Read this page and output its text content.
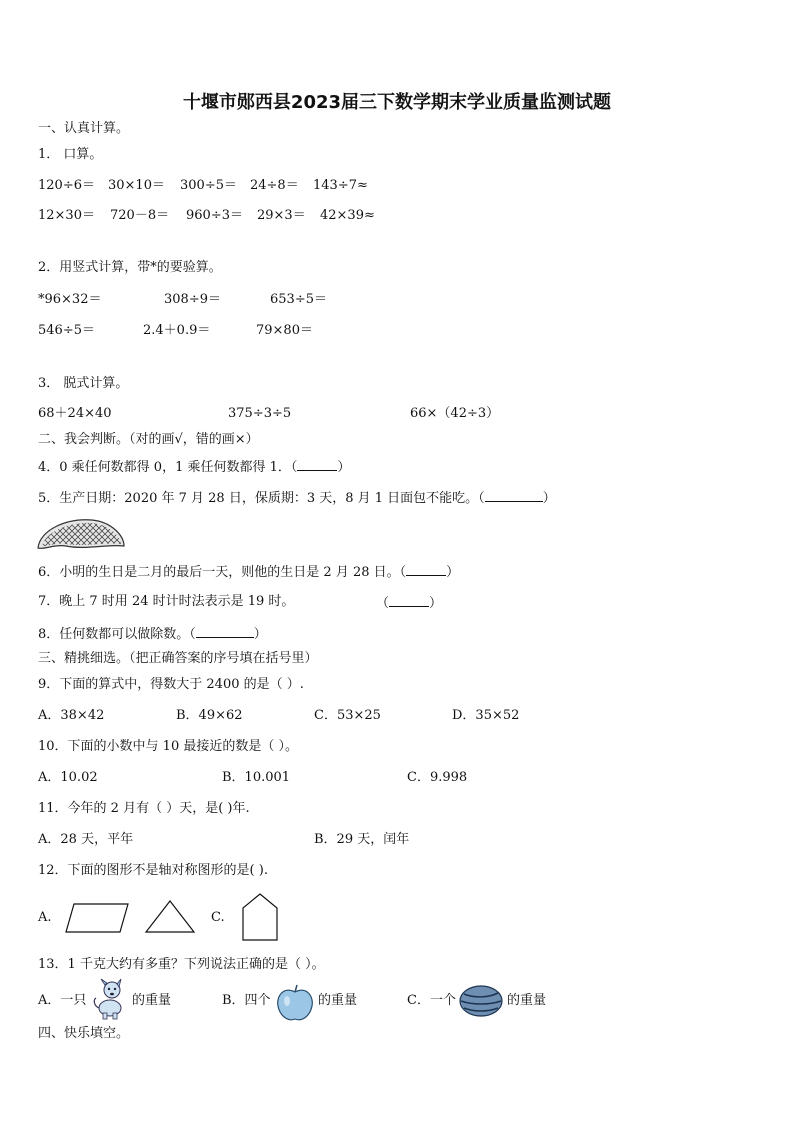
十堰市郧西县2023届三下数学期末学业质量监测试题
一、认真计算。
1． 口算。
120÷6＝ 30×10＝ 300÷5＝ 24÷8＝ 143÷7≈
12×30＝ 720－8＝ 960÷3＝ 29×3＝ 42×39≈
2．用竖式计算，带*的要验算。
*96×32＝	308÷9＝	653÷5＝
546÷5＝	2.4＋0.9＝	79×80＝
3． 脱式计算。
68＋24×40	375÷3÷5	66×（42÷3）
二、我会判断。（对的画√，错的画×）
4．0 乘任何数都得 0，1 乘任何数都得 1．（	）
5．生产日期：2020 年 7 月 28 日，保质期：3 天，8 月 1 日面包不能吃。（	）
6．小明的生日是二月的最后一天，则他的生日是 2 月 28 日。（	）
7．晚上 7 时用 24 时计时法表示是 19 时。	（	）
8．任何数都可以做除数。（	）
三、精挑细选。（把正确答案的序号填在括号里）
9．下面的算式中，得数大于 2400 的是（ ）.
A．38×42	B．49×62	C．53×25	D．35×52
10．下面的小数中与 10 最接近的数是（ ）。
A．10.02	B．10.001	C．9.998
11．今年的 2 月有（ ）天，是( )年.
A．28 天，平年	B．29 天，闰年
12．下面的图形不是轴对称图形的是( ).
A.	C.
13．1 千克大约有多重？下列说法正确的是（ ）。
A．一只	的重量	B．四个	的重量	C．一个	的重量
四、快乐填空。
